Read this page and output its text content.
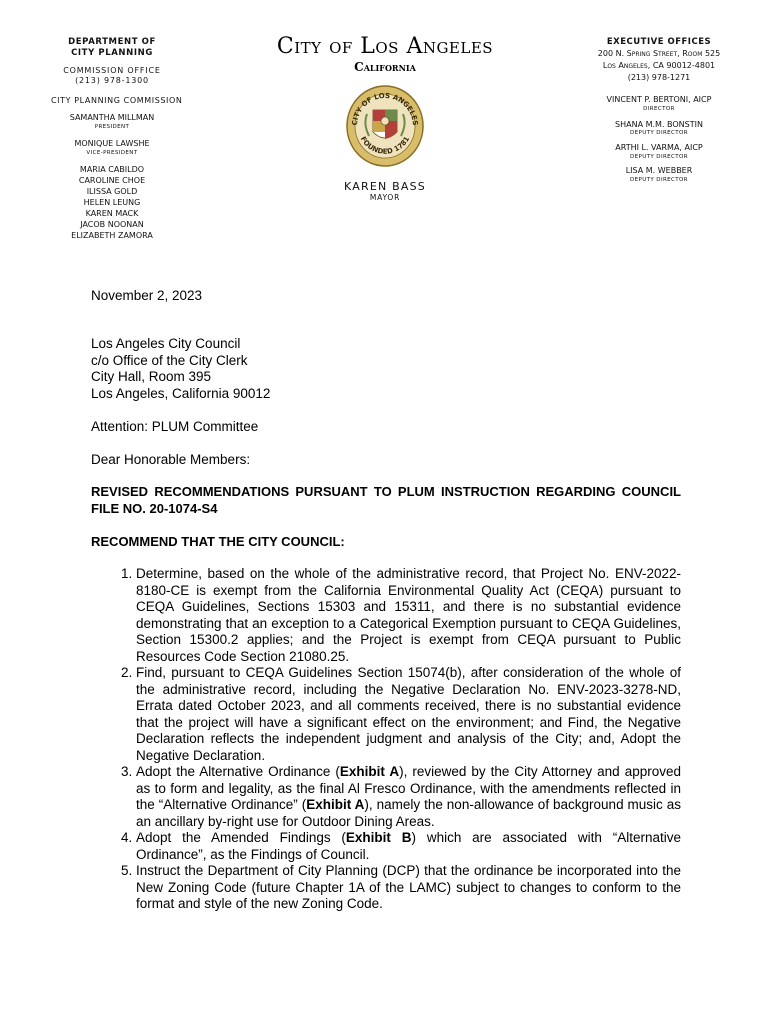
DEPARTMENT OF
CITY PLANNING
COMMISSION OFFICE
(213) 978-1300
CITY PLANNING COMMISSION
SAMANTHA MILLMAN
PRESIDENT
MONIQUE LAWSHE
VICE-PRESIDENT
MARIA CABILDO
CAROLINE CHOE
ILISSA GOLD
HELEN LEUNG
KAREN MACK
JACOB NOONAN
ELIZABETH ZAMORA
City of Los Angeles
California
CITY OF LOS ANGELES
FOUNDED 1781
KAREN BASS
MAYOR
EXECUTIVE OFFICES
200 N. Spring Street, Room 525
Los Angeles, CA 90012-4801
(213) 978-1271
VINCENT P. BERTONI, AICP
DIRECTOR
SHANA M.M. BONSTIN
DEPUTY DIRECTOR
ARTHI L. VARMA, AICP
DEPUTY DIRECTOR
LISA M. WEBBER
DEPUTY DIRECTOR
November 2, 2023
Los Angeles City Council
c/o Office of the City Clerk
City Hall, Room 395
Los Angeles, California 90012
Attention: PLUM Committee
Dear Honorable Members:
REVISED RECOMMENDATIONS PURSUANT TO PLUM INSTRUCTION REGARDING COUNCIL FILE NO. 20-1074-S4
RECOMMEND THAT THE CITY COUNCIL:
1. Determine, based on the whole of the administrative record, that Project No. ENV-2022-8180-CE is exempt from the California Environmental Quality Act (CEQA) pursuant to CEQA Guidelines, Sections 15303 and 15311, and there is no substantial evidence demonstrating that an exception to a Categorical Exemption pursuant to CEQA Guidelines, Section 15300.2 applies; and the Project is exempt from CEQA pursuant to Public Resources Code Section 21080.25.
2. Find, pursuant to CEQA Guidelines Section 15074(b), after consideration of the whole of the administrative record, including the Negative Declaration No. ENV-2023-3278-ND, Errata dated October 2023, and all comments received, there is no substantial evidence that the project will have a significant effect on the environment; and Find, the Negative Declaration reflects the independent judgment and analysis of the City; and, Adopt the Negative Declaration.
3. Adopt the Alternative Ordinance (Exhibit A), reviewed by the City Attorney and approved as to form and legality, as the final Al Fresco Ordinance, with the amendments reflected in the “Alternative Ordinance” (Exhibit A), namely the non-allowance of background music as an ancillary by-right use for Outdoor Dining Areas.
4. Adopt the Amended Findings (Exhibit B) which are associated with “Alternative Ordinance”, as the Findings of Council.
5. Instruct the Department of City Planning (DCP) that the ordinance be incorporated into the New Zoning Code (future Chapter 1A of the LAMC) subject to changes to conform to the format and style of the new Zoning Code.
